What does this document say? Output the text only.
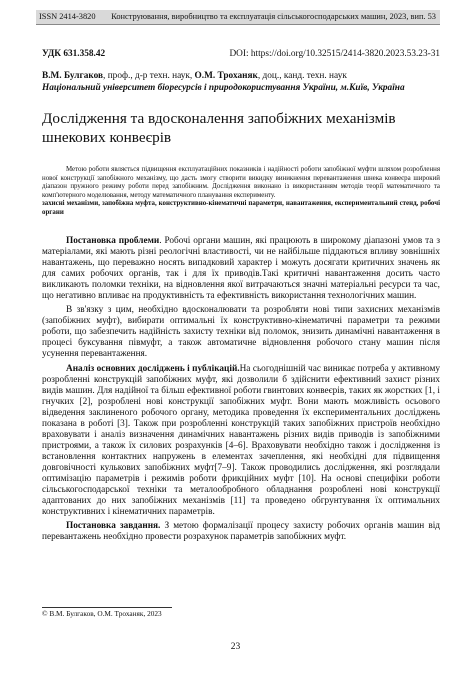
ISSN 2414-3820 Конструювання, виробництво та експлуатація сільськогосподарських машин, 2023, вип. 53
УДК 631.358.42	DOI: https://doi.org/10.32515/2414-3820.2023.53.23-31
В.М. Булгаков, проф., д-р техн. наук, О.М. Троханяк, доц., канд. техн. наук
Національний університет біоресурсів і природокористування України, м.Київ, Україна
Дослідження та вдосконалення запобіжних механізмів шнекових конвеєрів

Метою роботи являється підвищення експлуатаційних показників і надійності роботи запобіжної муфти шляхом розроблення нової конструкції запобіжного механізму, що дасть змогу створити викидку виникнення перевантаження шнека конвеєра широкий діапазон пружного режиму роботи перед запобіжним. Дослідження виконано із використанням методів теорії математичного та комп'ютерного моделювання, методу математичного планування експерименту.

захисні механізми, запобіжна муфта, конструктивно-кінематичні параметри, навантаження, експериментальний стенд, робочі органи

Постановка проблеми. Робочі органи машин, які працюють в широкому діапазоні умов та з матеріалами, які мають різні реологічні властивості, чи не найбільше піддаються впливу зовнішніх навантажень, що переважно носять випадковий характер і можуть досягати критичних значень як для самих робочих органів, так і для їх приводів.Такі критичні навантаження досить часто викликають поломки техніки, на відновлення якої витрачаються значні матеріальні ресурси та час, що негативно впливає на продуктивність та ефективність використання технологічних машин.

В зв'язку з цим, необхідно вдосконалювати та розробляти нові типи захисних механізмів (запобіжних муфт), вибирати оптимальні їх конструктивно-кінематичні параметри та режими роботи, що забезпечить надійність захисту техніки від поломок, знизить динамічні навантаження в процесі буксування півмуфт, а також автоматичне відновлення робочого стану машин після усунення перевантаження.

Аналіз основних досліджень і публікацій.На сьогоднішній час виникає потреба у активному розробленні конструкцій запобіжних муфт, які дозволили б здійснити ефективний захист різних видів машин. Для надійної та більш ефективної роботи гвинтових конвеєрів, таких як жорстких [1, і гнучких [2], розроблені нові конструкції запобіжних муфт. Вони мають можливість осьового відведення заклиненого робочого органу, методика проведення їх експериментальних досліджень показана в роботі [3]. Також при розробленні конструкцій таких запобіжних пристроїв необхідно враховувати і аналіз визначення динамічних навантажень різних видів приводів із запобіжними пристроями, а також їх силових розрахунків [4–6]. Враховувати необхідно також і дослідження із встановлення контактних напружень в елементах зачеплення, які необхідні для підвищення довговічності кулькових запобіжних муфт[7–9]. Також проводились дослідження, які розглядали оптимізацію параметрів і режимів роботи фрикційних муфт [10]. На основі специфіки роботи сільськогосподарської техніки та металообробного обладнання розроблені нові конструкції адаптованих до них запобіжних механізмів [11] та проведено обгрунтування їх оптимальних конструктивних і кінематичних параметрів.

Постановка завдання. З метою формалізації процесу захисту робочих органів машин від перевантажень необхідно провести розрахунок параметрів запобіжних муфт.

© В.М. Булгаков, О.М. Троханяк, 2023
23
